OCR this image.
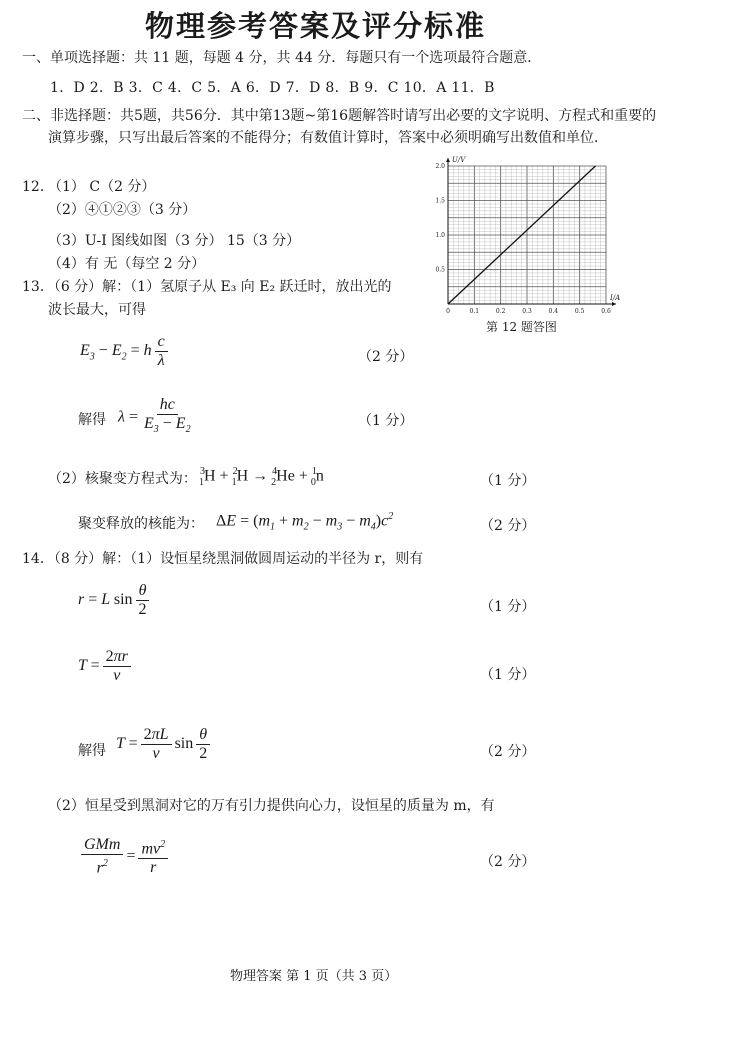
物理参考答案及评分标准
一、单项选择题：共 11 题，每题 4 分，共 44 分．每题只有一个选项最符合题意．
1．D 2．B 3．C 4．C 5．A 6．D 7．D 8．B 9．C 10．A 11．B
二、非选择题：共5题，共56分．其中第13题~第16题解答时请写出必要的文字说明、方程式和重要的演算步骤，只写出最后答案的不能得分；有数值计算时，答案中必须明确写出数值和单位．
12．
（1） C（2 分）
（2）④①②③（3 分）
（3）U-I 图线如图（3 分） 15（3 分）
（4）有 无（每空 2 分）
0	0.1	0.2	0.3	0.4	0.5	0.6
0.5
1.0
1.5
2.0
I/A
U/V
第 12 题答图
13．（6 分）解：（1）氢原子从 E₃ 向 E₂ 跃迁时，放出光的
波长最大，可得
$E_3 - E_2 = h \frac{c}{\lambda}$	（2 分）
解得 $\lambda = \frac{hc}{E_3 - E_2}$	（1 分）
（2）核聚变方程式为： $^3_1$H + $^2_1$H → $^4_2$He + $^1_0$n	（1 分）
聚变释放的核能为： $\Delta E = (m_1 + m_2 - m_3 - m_4)c^2$
（2 分）
14．（8 分）解：（1）设恒星绕黑洞做圆周运动的半径为 r，则有
r = L $\sin \frac{\theta}{2}$	（1 分）
$T = \frac{2\pi r}{v}$	（1 分）
解得 $T = \frac{2\pi L}{v}$ $\sin \frac{\theta}{2}$	（2 分）
（2）恒星受到黑洞对它的万有引力提供向心力，设恒星的质量为 m，有
$\frac{\text{GMm}}{r^2} = \frac{mv^2}{r}$	（2 分）
物理答案 第 1 页（共 3 页）
